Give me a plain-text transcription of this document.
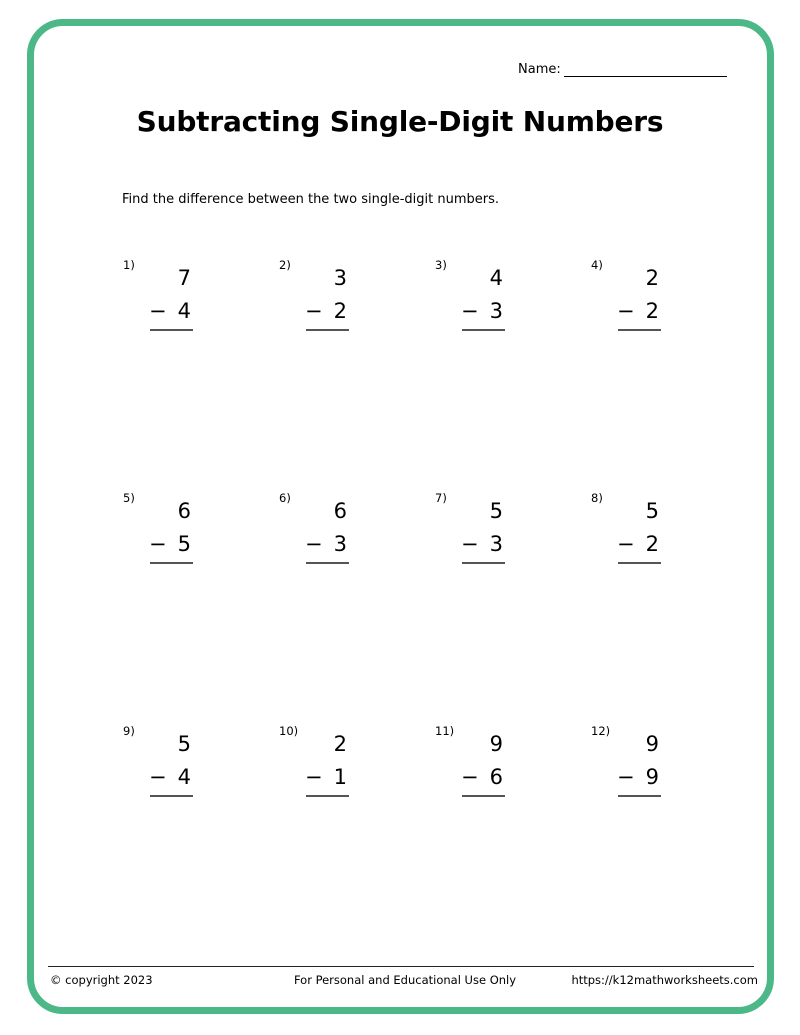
Name:
Subtracting Single-Digit Numbers
Find the difference between the two single-digit numbers.
1)
7
− 4
2)
3
− 2
3)
4
− 3
4)
2
− 2
5)
6
− 5
6)
6
− 3
7)
5
− 3
8)
5
− 2
9)
5
− 4
10)
2
− 1
11)
9
− 6
12)
9
− 9
© copyright 2023	For Personal and Educational Use Only	https://k12mathworksheets.com
